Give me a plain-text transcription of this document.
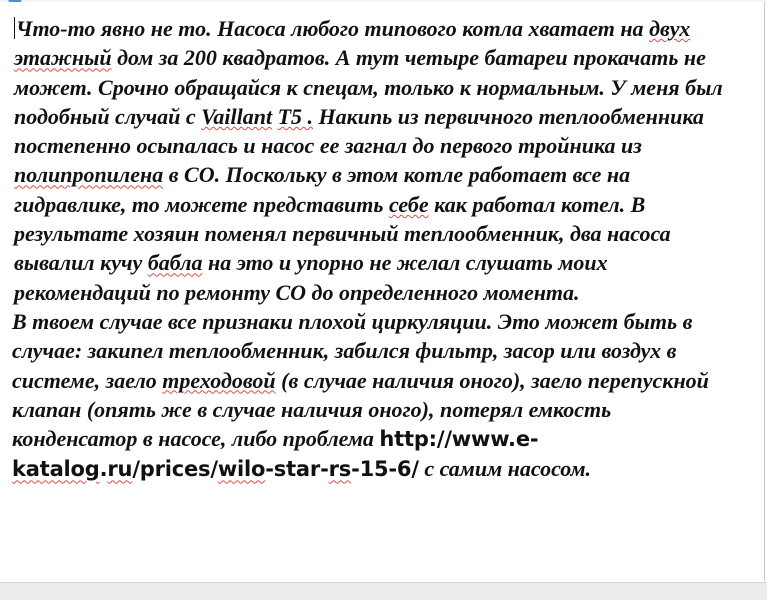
Что-то явно не то. Насоса любого типового котла хватает на двух этажный дом за 200 квадратов. А тут четыре батареи прокачать не может. Срочно обращайся к спецам, только к нормальным. У меня был подобный случай с Vaillant T5 . Накипь из первичного теплообменника постепенно осыпалась и насос ее загнал до первого тройника из полипропилена в СО. Поскольку в этом котле работает все на гидравлике, то можете представить себе как работал котел. В результате хозяин поменял первичный теплообменник, два насоса вывалил кучу бабла на это и упорно не желал слушать моих рекомендаций по ремонту СО до определенного момента.

В твоем случае все признаки плохой циркуляции. Это может быть в случае: закипел теплообменник, забился фильтр, засор или воздух в системе, заело треходовой (в случае наличия оного), заело перепускной клапан (опять же в случае наличия оного), потерял емкость конденсатор в насосе, либо проблема http://www.e-katalog.ru/prices/wilo-star-rs-15-6/ с самим насосом.
